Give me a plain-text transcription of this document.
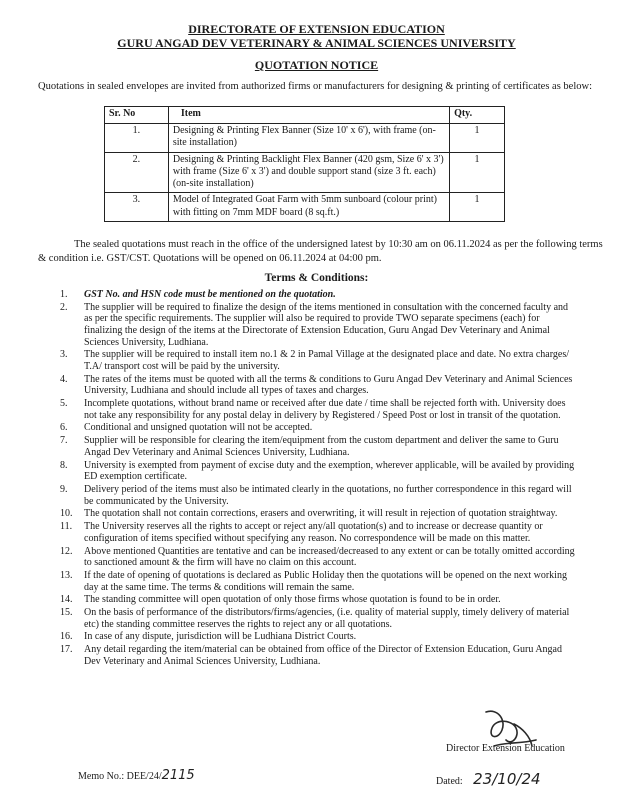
DIRECTORATE OF EXTENSION EDUCATION
GURU ANGAD DEV VETERINARY & ANIMAL SCIENCES UNIVERSITY
QUOTATION NOTICE
Quotations in sealed envelopes are invited from authorized firms or manufacturers for designing & printing of certificates as below:
Sr. No	Item	Qty.
1.	Designing & Printing Flex Banner (Size 10' x 6'), with frame (on-site installation)	1
2.	Designing & Printing Backlight Flex Banner (420 gsm, Size 6' x 3') with frame (Size 6' x 3') and double support stand (size 3 ft. each) (on-site installation)	1
3.	Model of Integrated Goat Farm with 5mm sunboard (colour print) with fitting on 7mm MDF board (8 sq.ft.)	1
The sealed quotations must reach in the office of the undersigned latest by 10:30 am on 06.11.2024 as per the following terms & condition i.e. GST/CST. Quotations will be opened on 06.11.2024 at 04:00 pm.
Terms & Conditions:
1. GST No. and HSN code must be mentioned on the quotation.
2. The supplier will be required to finalize the design of the items mentioned in consultation with the concerned faculty and as per the specific requirements. The supplier will also be required to provide TWO separate specimens (each) for finalizing the design of the items at the Directorate of Extension Education, Guru Angad Dev Veterinary and Animal Sciences University, Ludhiana.
3. The supplier will be required to install item no.1 & 2 in Pamal Village at the designated place and date. No extra charges/ T.A/ transport cost will be paid by the university.
4. The rates of the items must be quoted with all the terms & conditions to Guru Angad Dev Veterinary and Animal Sciences University, Ludhiana and should include all types of taxes and charges.
5. Incomplete quotations, without brand name or received after due date / time shall be rejected forth with. University does not take any responsibility for any postal delay in delivery by Registered / Speed Post or lost in transit of the quotation.
6. Conditional and unsigned quotation will not be accepted.
7. Supplier will be responsible for clearing the item/equipment from the custom department and deliver the same to Guru Angad Dev Veterinary and Animal Sciences University, Ludhiana.
8. University is exempted from payment of excise duty and the exemption, wherever applicable, will be availed by providing ED exemption certificate.
9. Delivery period of the items must also be intimated clearly in the quotations, no further correspondence in this regard will be communicated by the University.
10. The quotation shall not contain corrections, erasers and overwriting, it will result in rejection of quotation straightway.
11. The University reserves all the rights to accept or reject any/all quotation(s) and to increase or decrease quantity or configuration of items specified without specifying any reason. No correspondence will be made on this matter.
12. Above mentioned Quantities are tentative and can be increased/decreased to any extent or can be totally omitted according to sanctioned amount & the firm will have no claim on this account.
13. If the date of opening of quotations is declared as Public Holiday then the quotations will be opened on the next working day at the same time. The terms & conditions will remain the same.
14. The standing committee will open quotation of only those firms whose quotation is found to be in order.
15. On the basis of performance of the distributors/firms/agencies, (i.e. quality of material supply, timely delivery of material etc) the standing committee reserves the rights to reject any or all quotations.
16. In case of any dispute, jurisdiction will be Ludhiana District Courts.
17. Any detail regarding the item/material can be obtained from office of the Director of Extension Education, Guru Angad Dev Veterinary and Animal Sciences University, Ludhiana.
Director Extension Education
Memo No.: DEE/24/2115	Dated: 23/10/24
